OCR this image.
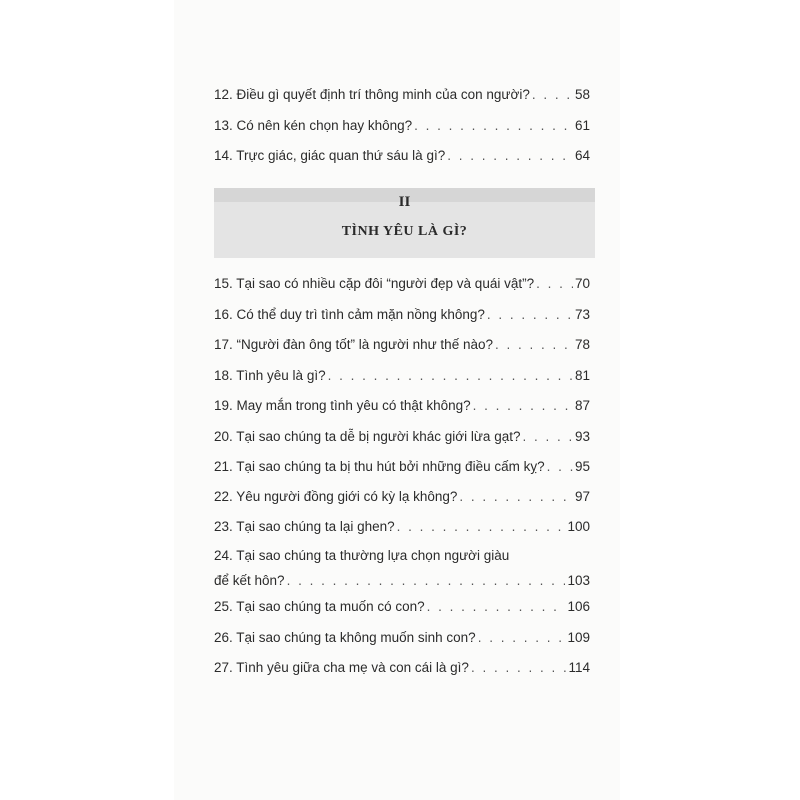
12. Điều gì quyết định trí thông minh của con người? . . .	58
13. Có nên kén chọn hay không? . . .	61
14. Trực giác, giác quan thứ sáu là gì? . . .	64
II
TÌNH YÊU LÀ GÌ?
15. Tại sao có nhiều cặp đôi “người đẹp và quái vật”? . . .	70
16. Có thể duy trì tình cảm mặn nồng không? . . .	73
17. “Người đàn ông tốt” là người như thế nào? . . .	78
18. Tình yêu là gì? . . .	81
19. May mắn trong tình yêu có thật không? . . .	87
20. Tại sao chúng ta dễ bị người khác giới lừa gạt? . . .	93
21. Tại sao chúng ta bị thu hút bởi những điều cấm kỵ? . . . 95
22. Yêu người đồng giới có kỳ lạ không? . . .	97
23. Tại sao chúng ta lại ghen? . . .	100
24. Tại sao chúng ta thường lựa chọn người giàu
để kết hôn? . . .	103
25. Tại sao chúng ta muốn có con? . . .	106
26. Tại sao chúng ta không muốn sinh con? . . .	109
27. Tình yêu giữa cha mẹ và con cái là gì? . . .	114
